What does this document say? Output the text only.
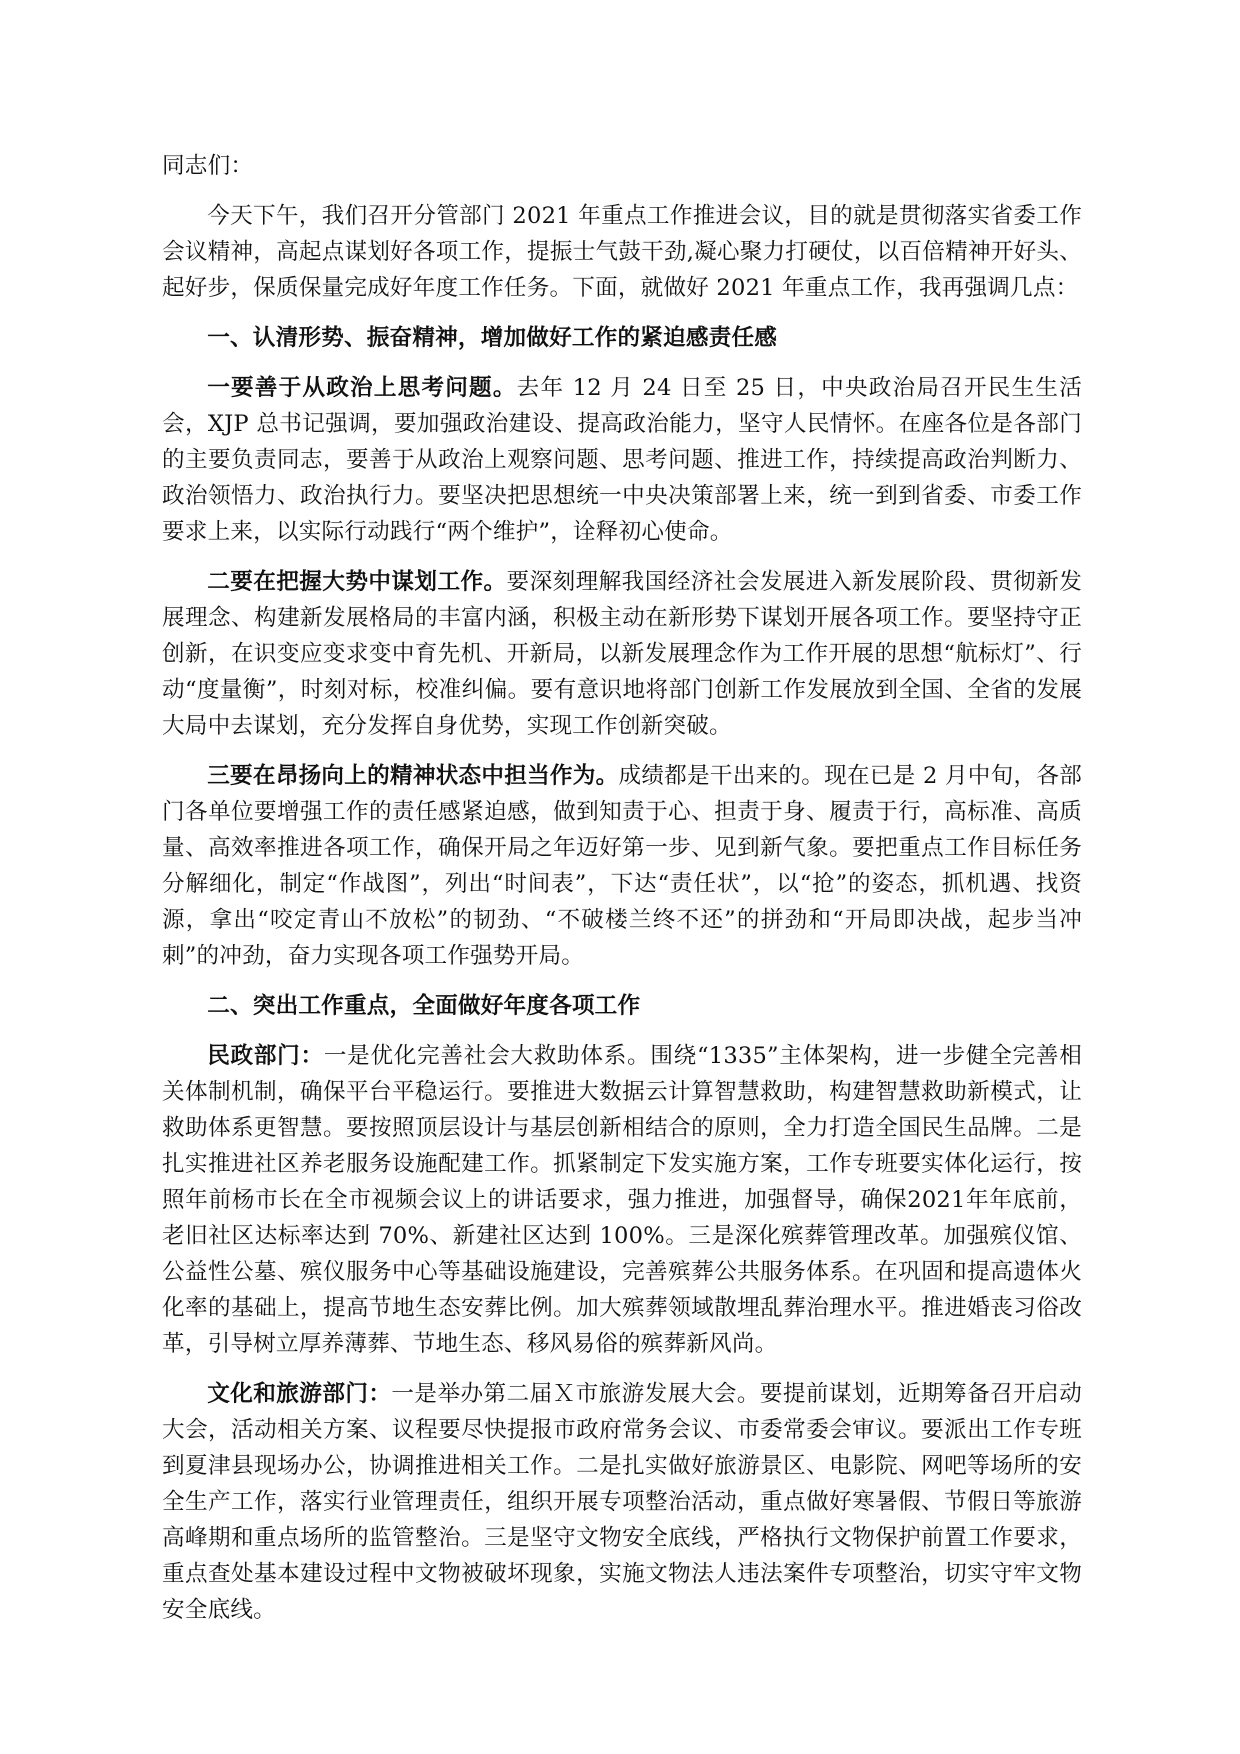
同志们：

今天下午，我们召开分管部门 2021 年重点工作推进会议，目的就是贯彻落实省委工作会议精神，高起点谋划好各项工作，提振士气鼓干劲,凝心聚力打硬仗，以百倍精神开好头、起好步，保质保量完成好年度工作任务。下面，就做好 2021 年重点工作，我再强调几点：

一、认清形势、振奋精神，增加做好工作的紧迫感责任感

一要善于从政治上思考问题。去年 12 月 24 日至 25 日，中央政治局召开民生生活会，XJP 总书记强调，要加强政治建设、提高政治能力，坚守人民情怀。在座各位是各部门的主要负责同志，要善于从政治上观察问题、思考问题、推进工作，持续提高政治判断力、政治领悟力、政治执行力。要坚决把思想统一中央决策部署上来，统一到到省委、市委工作要求上来，以实际行动践行“两个维护”，诠释初心使命。

二要在把握大势中谋划工作。要深刻理解我国经济社会发展进入新发展阶段、贯彻新发展理念、构建新发展格局的丰富内涵，积极主动在新形势下谋划开展各项工作。要坚持守正创新，在识变应变求变中育先机、开新局，以新发展理念作为工作开展的思想“航标灯”、行动“度量衡”，时刻对标，校准纠偏。要有意识地将部门创新工作发展放到全国、全省的发展大局中去谋划，充分发挥自身优势，实现工作创新突破。

三要在昂扬向上的精神状态中担当作为。成绩都是干出来的。现在已是 2 月中旬，各部门各单位要增强工作的责任感紧迫感，做到知责于心、担责于身、履责于行，高标准、高质量、高效率推进各项工作，确保开局之年迈好第一步、见到新气象。要把重点工作目标任务分解细化，制定“作战图”，列出“时间表”，下达“责任状”，以“抢”的姿态，抓机遇、找资源，拿出“咬定青山不放松”的韧劲、“不破楼兰终不还”的拼劲和“开局即决战，起步当冲刺”的冲劲，奋力实现各项工作强势开局。

二、突出工作重点，全面做好年度各项工作

民政部门：一是优化完善社会大救助体系。围绕“1335”主体架构，进一步健全完善相关体制机制，确保平台平稳运行。要推进大数据云计算智慧救助，构建智慧救助新模式，让救助体系更智慧。要按照顶层设计与基层创新相结合的原则，全力打造全国民生品牌。二是扎实推进社区养老服务设施配建工作。抓紧制定下发实施方案，工作专班要实体化运行，按照年前杨市长在全市视频会议上的讲话要求，强力推进，加强督导，确保2021年年底前，老旧社区达标率达到 70%、新建社区达到 100%。三是深化殡葬管理改革。加强殡仪馆、公益性公墓、殡仪服务中心等基础设施建设，完善殡葬公共服务体系。在巩固和提高遗体火化率的基础上，提高节地生态安葬比例。加大殡葬领域散埋乱葬治理水平。推进婚丧习俗改革，引导树立厚养薄葬、节地生态、移风易俗的殡葬新风尚。

文化和旅游部门：一是举办第二届Ｘ市旅游发展大会。要提前谋划，近期筹备召开启动大会，活动相关方案、议程要尽快提报市政府常务会议、市委常委会审议。要派出工作专班到夏津县现场办公，协调推进相关工作。二是扎实做好旅游景区、电影院、网吧等场所的安全生产工作，落实行业管理责任，组织开展专项整治活动，重点做好寒暑假、节假日等旅游高峰期和重点场所的监管整治。三是坚守文物安全底线，严格执行文物保护前置工作要求，重点查处基本建设过程中文物被破坏现象，实施文物法人违法案件专项整治，切实守牢文物安全底线。
